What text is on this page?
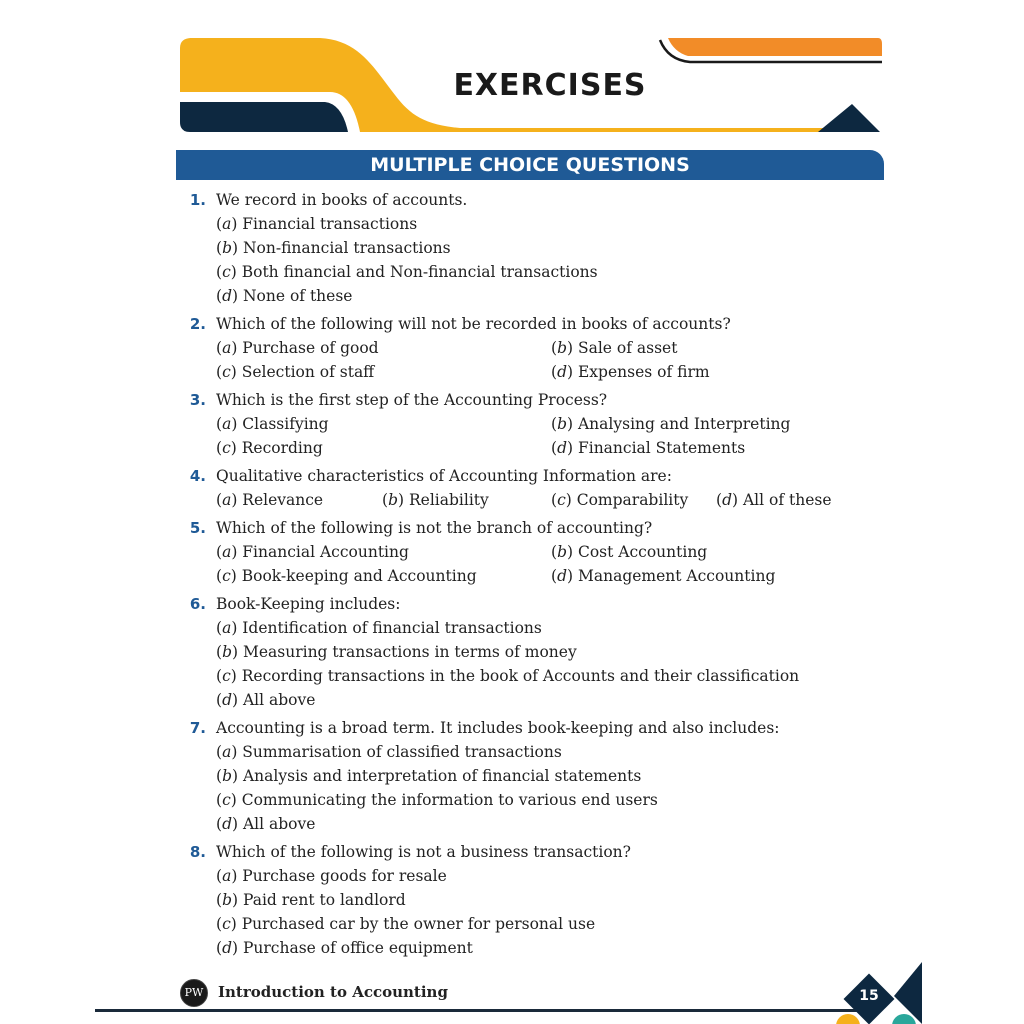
EXERCISES
MULTIPLE CHOICE QUESTIONS
1. We record in books of accounts.
(a) Financial transactions
(b) Non-financial transactions
(c) Both financial and Non-financial transactions
(d) None of these
2. Which of the following will not be recorded in books of accounts?
(a) Purchase of good	(b) Sale of asset
(c) Selection of staff	(d) Expenses of firm
3. Which is the first step of the Accounting Process?
(a) Classifying	(b) Analysing and Interpreting
(c) Recording	(d) Financial Statements
4. Qualitative characteristics of Accounting Information are:
(a) Relevance	(b) Reliability	(c) Comparability	(d) All of these
5. Which of the following is not the branch of accounting?
(a) Financial Accounting	(b) Cost Accounting
(c) Book-keeping and Accounting	(d) Management Accounting
6. Book-Keeping includes:
(a) Identification of financial transactions
(b) Measuring transactions in terms of money
(c) Recording transactions in the book of Accounts and their classification
(d) All above
7. Accounting is a broad term. It includes book-keeping and also includes:
(a) Summarisation of classified transactions
(b) Analysis and interpretation of financial statements
(c) Communicating the information to various end users
(d) All above
8. Which of the following is not a business transaction?
(a) Purchase goods for resale
(b) Paid rent to landlord
(c) Purchased car by the owner for personal use
(d) Purchase of office equipment
PW Introduction to Accounting	15
